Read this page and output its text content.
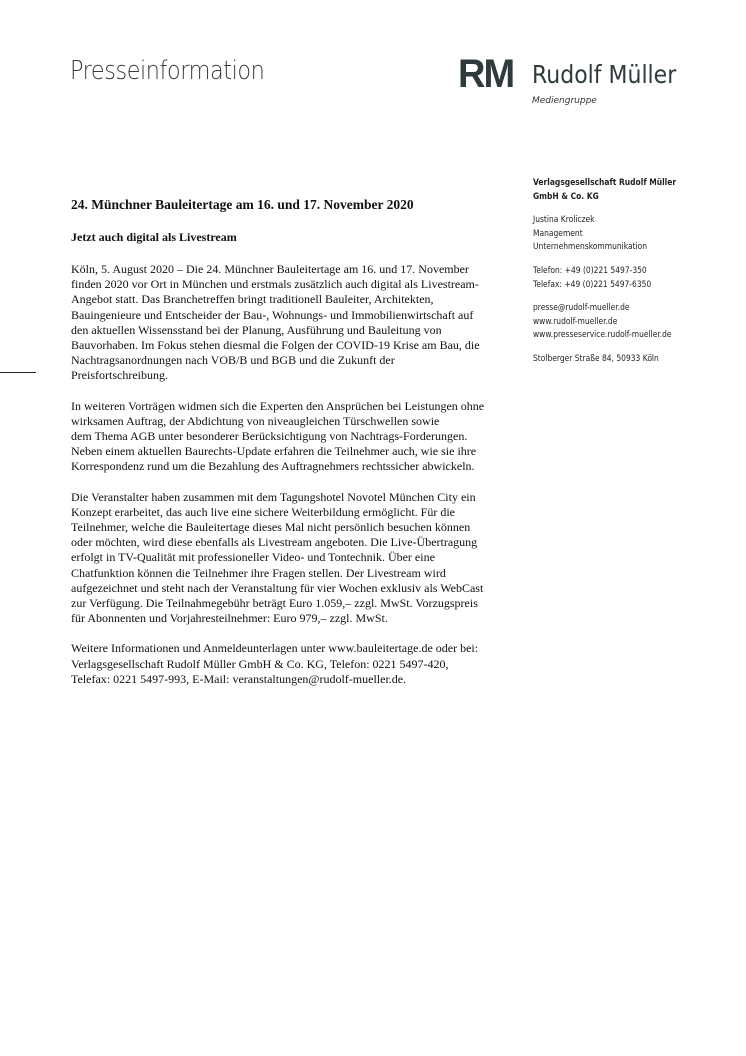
Presseinformation	RM Rudolf Müller
Mediengruppe
24. Münchner Bauleitertage am 16. und 17. November 2020
Jetzt auch digital als Livestream
Köln, 5. August 2020 – Die 24. Münchner Bauleitertage am 16. und 17. November
finden 2020 vor Ort in München und erstmals zusätzlich auch digital als Livestream-
Angebot statt. Das Branchetreffen bringt traditionell Bauleiter, Architekten,
Bauingenieure und Entscheider der Bau-, Wohnungs- und Immobilienwirtschaft auf
den aktuellen Wissensstand bei der Planung, Ausführung und Bauleitung von
Bauvorhaben. Im Fokus stehen diesmal die Folgen der COVID-19 Krise am Bau, die
Nachtragsanordnungen nach VOB/B und BGB und die Zukunft der
Preisfortschreibung.
In weiteren Vorträgen widmen sich die Experten den Ansprüchen bei Leistungen ohne
wirksamen Auftrag, der Abdichtung von niveaugleichen Türschwellen sowie
dem Thema AGB unter besonderer Berücksichtigung von Nachtrags-Forderungen.
Neben einem aktuellen Baurechts-Update erfahren die Teilnehmer auch, wie sie ihre
Korrespondenz rund um die Bezahlung des Auftragnehmers rechtssicher abwickeln.
Die Veranstalter haben zusammen mit dem Tagungshotel Novotel München City ein
Konzept erarbeitet, das auch live eine sichere Weiterbildung ermöglicht. Für die
Teilnehmer, welche die Bauleitertage dieses Mal nicht persönlich besuchen können
oder möchten, wird diese ebenfalls als Livestream angeboten. Die Live-Übertragung
erfolgt in TV-Qualität mit professioneller Video- und Tontechnik. Über eine
Chatfunktion können die Teilnehmer ihre Fragen stellen. Der Livestream wird
aufgezeichnet und steht nach der Veranstaltung für vier Wochen exklusiv als WebCast
zur Verfügung. Die Teilnahmegebühr beträgt Euro 1.059,– zzgl. MwSt. Vorzugspreis
für Abonnenten und Vorjahresteilnehmer: Euro 979,– zzgl. MwSt.
Weitere Informationen und Anmeldeunterlagen unter www.bauleitertage.de oder bei:
Verlagsgesellschaft Rudolf Müller GmbH & Co. KG, Telefon: 0221 5497-420,
Telefax: 0221 5497-993, E-Mail: veranstaltungen@rudolf-mueller.de.
Verlagsgesellschaft Rudolf Müller
GmbH & Co. KG
Justina Kroliczek
Management
Unternehmenskommunikation
Telefon: +49 (0)221 5497-350
Telefax: +49 (0)221 5497-6350
presse@rudolf-mueller.de
www.rudolf-mueller.de
www.presseservice.rudolf-mueller.de
Stolberger Straße 84, 50933 Köln
